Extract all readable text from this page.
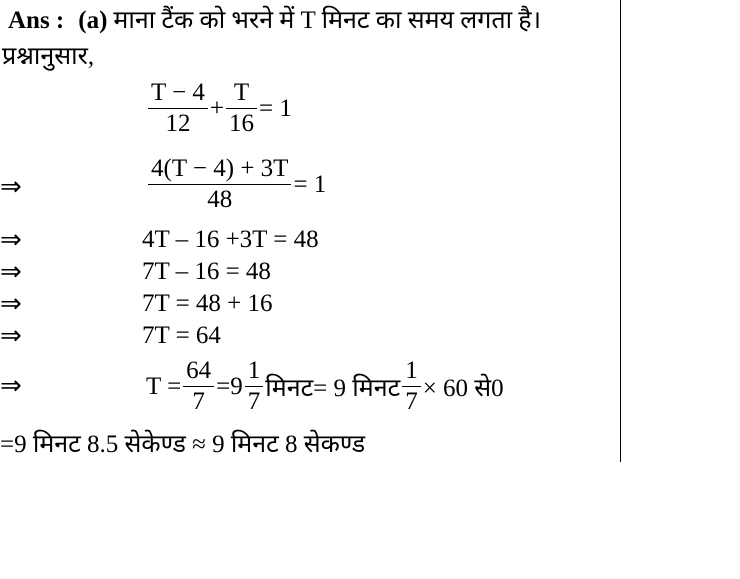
Ans : (a) माना टैंक को भरने में T मिनट का समय लगता है।
प्रश्नानुसार,
$\frac{T - 4}{12} + \frac{T}{16} = 1$
⇒	$\frac{4(T - 4) + 3T}{48} = 1$
⇒	4T – 16 +3T = 48
⇒	7T – 16 = 48
⇒	7T = 48 + 16
⇒	7T = 64
⇒	$T = \frac{64}{7} = 9 \frac{1}{7}$ मिनट= 9 मिनट $\frac{1}{7} \times 60$ से0
=9 मिनट 8.5 सेकेण्ड ≈ 9 मिनट 8 सेकण्ड
